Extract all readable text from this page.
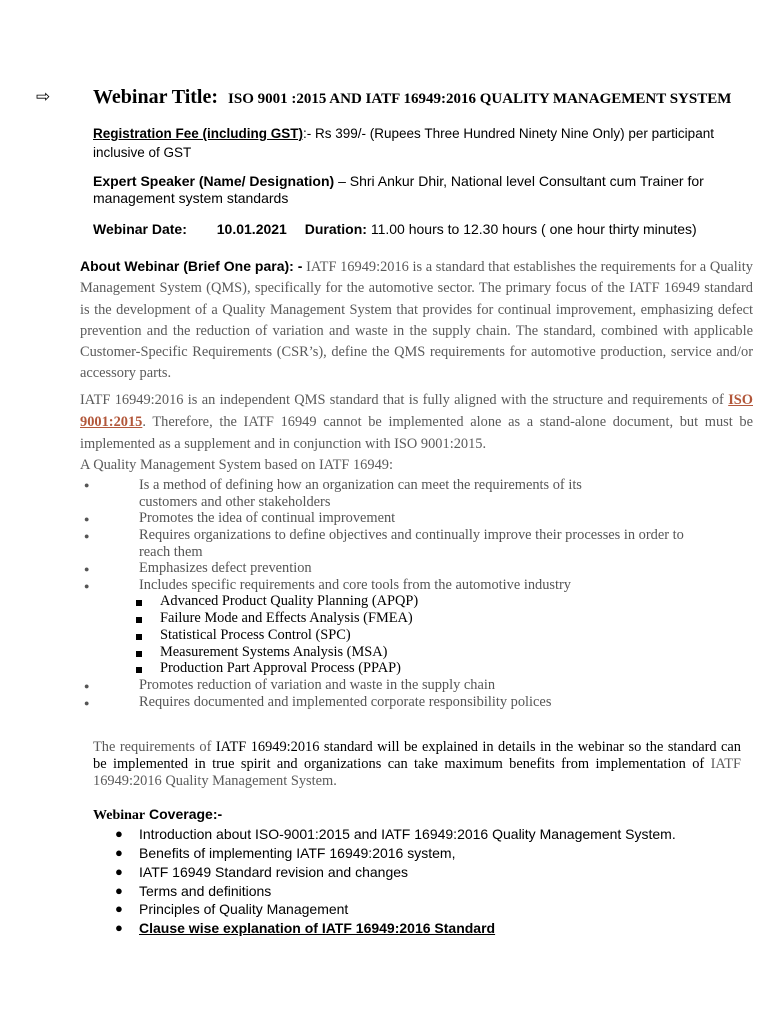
⇨ Webinar Title: ISO 9001 :2015 AND IATF 16949:2016 QUALITY MANAGEMENT SYSTEM
Registration Fee (including GST):- Rs 399/- (Rupees Three Hundred Ninety Nine Only) per participant inclusive of GST
Expert Speaker (Name/ Designation) – Shri Ankur Dhir, National level Consultant cum Trainer for management system standards
Webinar Date: 10.01.2021 Duration: 11.00 hours to 12.30 hours ( one hour thirty minutes)
About Webinar (Brief One para): - IATF 16949:2016 is a standard that establishes the requirements for a Quality Management System (QMS), specifically for the automotive sector. The primary focus of the IATF 16949 standard is the development of a Quality Management System that provides for continual improvement, emphasizing defect prevention and the reduction of variation and waste in the supply chain. The standard, combined with applicable Customer-Specific Requirements (CSR’s), define the QMS requirements for automotive production, service and/or accessory parts.
IATF 16949:2016 is an independent QMS standard that is fully aligned with the structure and requirements of ISO 9001:2015. Therefore, the IATF 16949 cannot be implemented alone as a stand-alone document, but must be implemented as a supplement and in conjunction with ISO 9001:2015.
A Quality Management System based on IATF 16949:
●	Is a method of defining how an organization can meet the requirements of its customers and other stakeholders
●	Promotes the idea of continual improvement
●	Requires organizations to define objectives and continually improve their processes in order to reach them
●	Emphasizes defect prevention
●	Includes specific requirements and core tools from the automotive industry
Advanced Product Quality Planning (APQP)
Failure Mode and Effects Analysis (FMEA)
Statistical Process Control (SPC)
Measurement Systems Analysis (MSA)
Production Part Approval Process (PPAP)
●	Promotes reduction of variation and waste in the supply chain
●	Requires documented and implemented corporate responsibility polices
The requirements of IATF 16949:2016 standard will be explained in details in the webinar so the standard can be implemented in true spirit and organizations can take maximum benefits from implementation of IATF 16949:2016 Quality Management System.
Webinar Coverage:-
● Introduction about ISO-9001:2015 and IATF 16949:2016 Quality Management System.
● Benefits of implementing IATF 16949:2016 system,
● IATF 16949 Standard revision and changes
● Terms and definitions
● Principles of Quality Management
● Clause wise explanation of IATF 16949:2016 Standard
